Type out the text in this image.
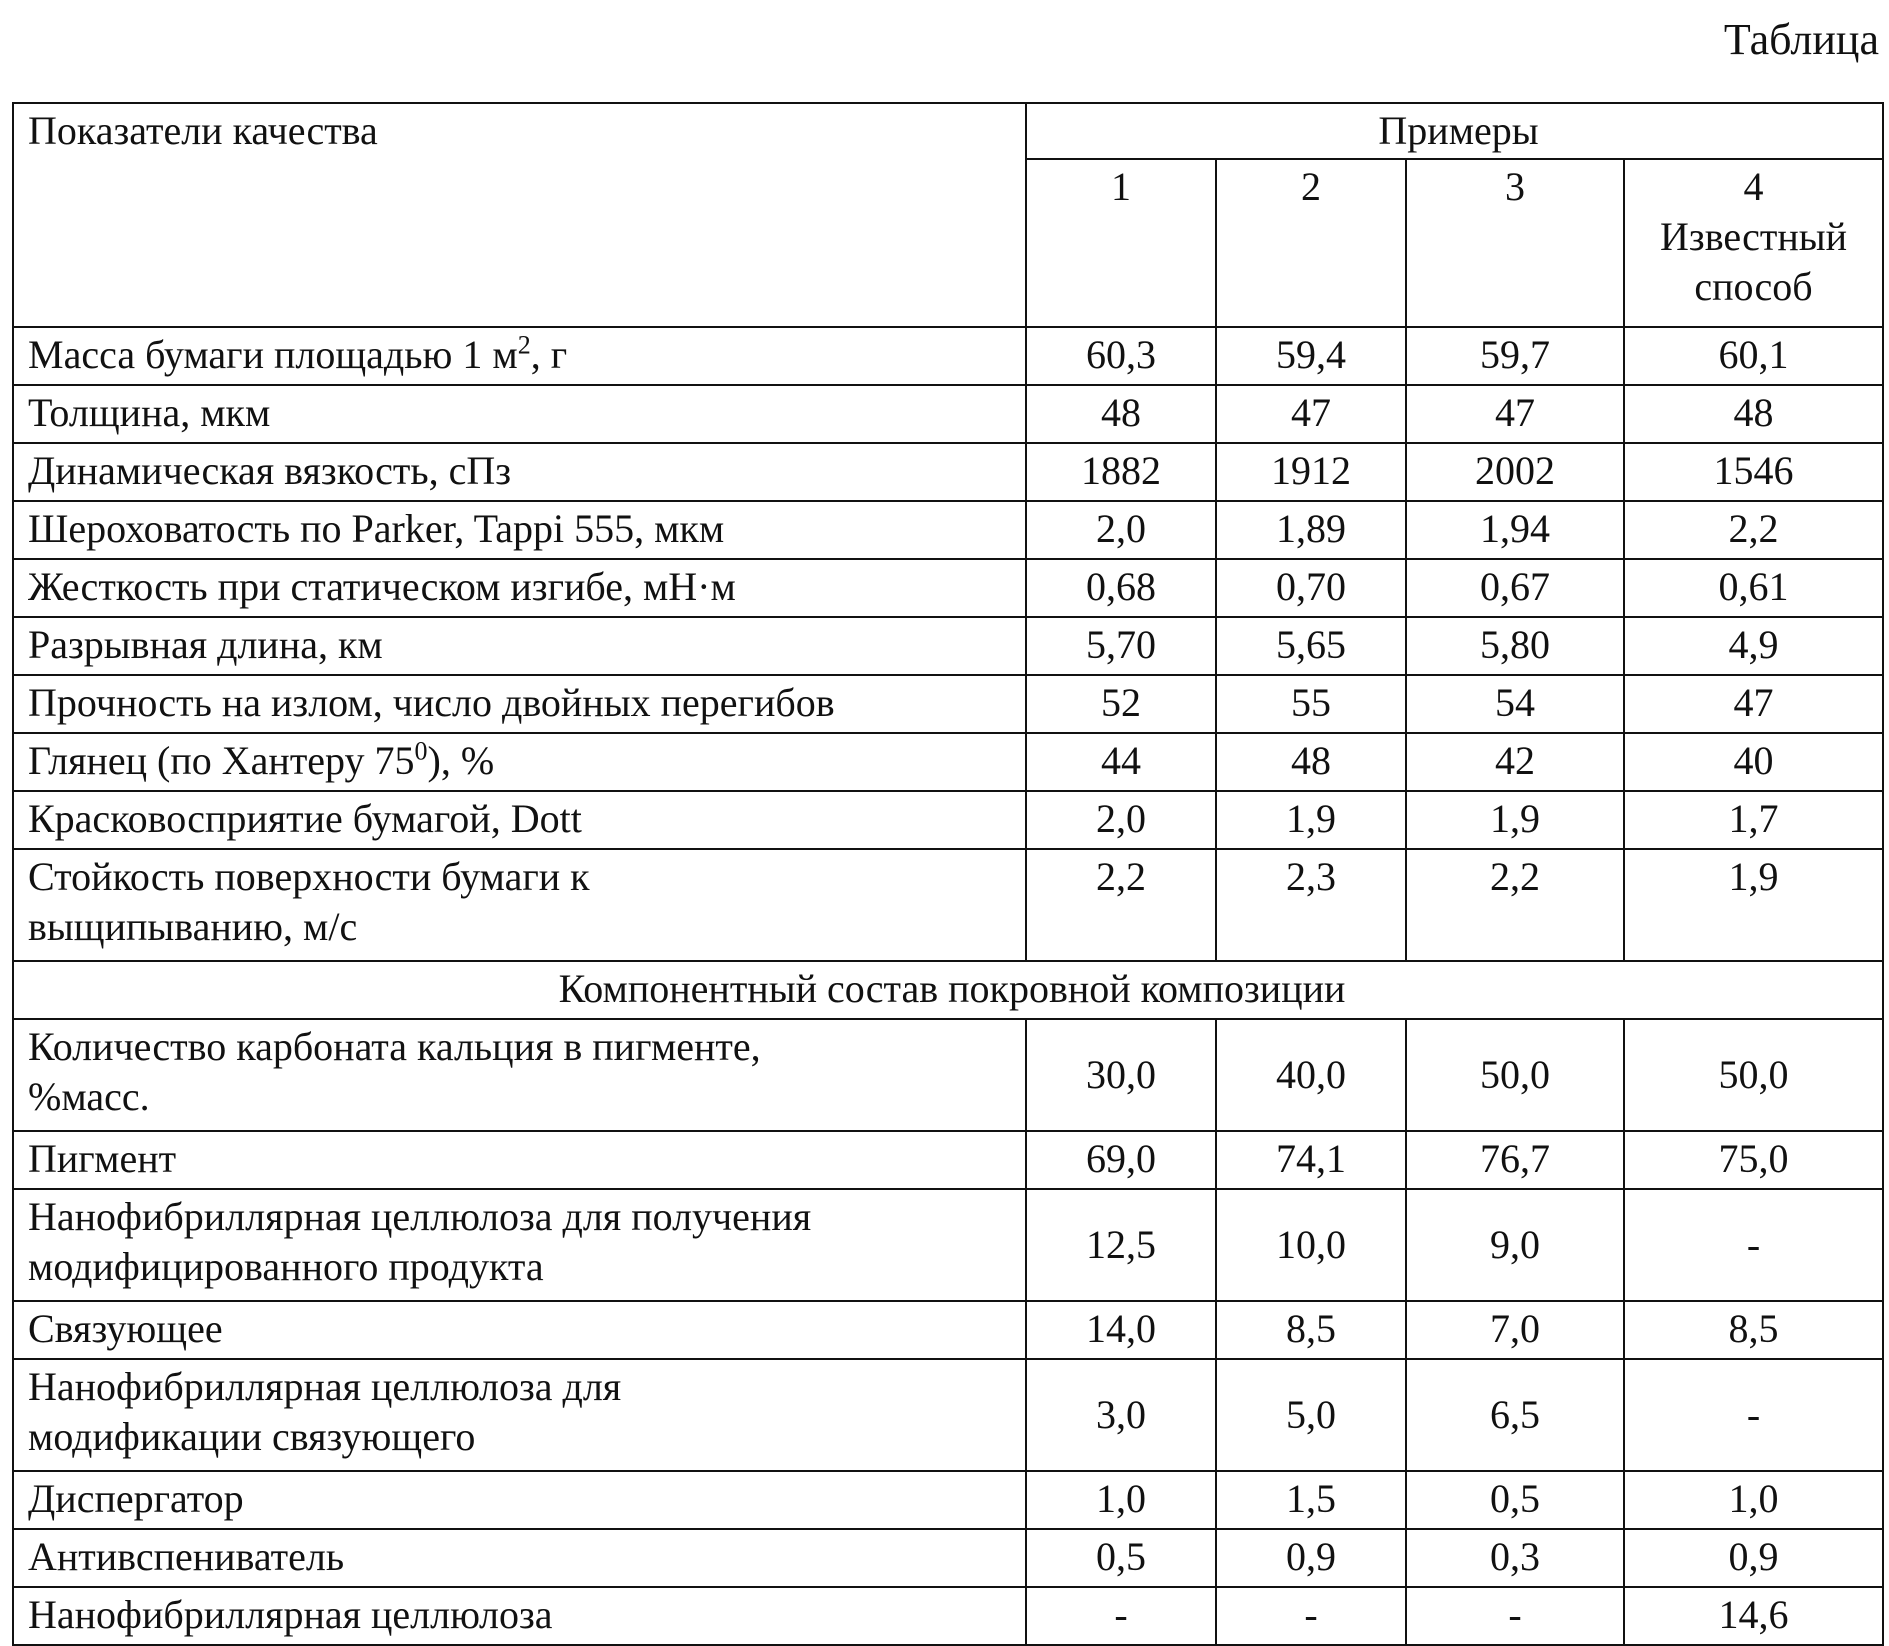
Таблица
Показатели качества	Примеры			
	1	2	3	4
Известный
способ

Масса бумаги площадью 1 $м^2$, г	60,3	59,4	59,7	60,1
Толщина, мкм	48	47	47	48
Динамическая вязкость, сПз	1882	1912	2002	1546
Шероховатость по Parker, Tappi 555, мкм	2,0	1,89	1,94	2,2
Жесткость при статическом изгибе, мН·м	0,68	0,70	0,67	0,61
Разрывная длина, км	5,70	5,65	5,80	4,9
Прочность на излом, число двойных перегибов	52	55	54	47
Глянец (по Хантеру $75^0$), %	44	48	42	40
Красковосприятие бумагой, Dott	2,0	1,9	1,9	1,7

Стойкость поверхности бумаги к
выщипыванию, м/с	2,2	2,3	2,2	1,9
Компонентный состав покровной композиции				

Количество карбоната кальция в пигменте,
%масс.	30,0	40,0	50,0	50,0
Пигмент	69,0	74,1	76,7	75,0

Нанофибриллярная целлюлоза для получения
модифицированного продукта	12,5	10,0	9,0	-
Связующее	14,0	8,5	7,0	8,5

Нанофибриллярная целлюлоза для
модификации связующего	3,0	5,0	6,5	-
Диспергатор	1,0	1,5	0,5	1,0
Антивспениватель	0,5	0,9	0,3	0,9
Нанофибриллярная целлюлоза	-	-	-	14,6
